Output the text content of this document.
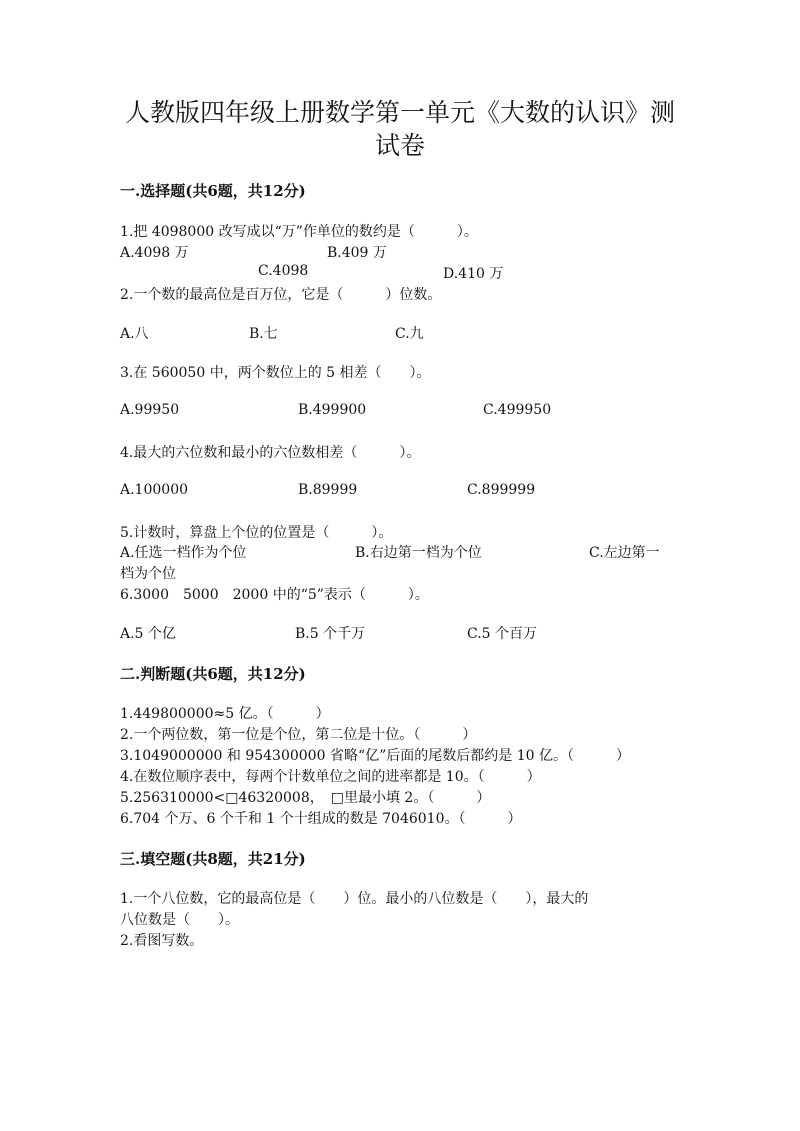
人教版四年级上册数学第一单元《大数的认识》测
试卷
一.选择题(共6题，共12分)
1.把 4098000 改写成以“万”作单位的数约是（　　　）。
A.4098 万	B.409 万
C.4098	D.410 万
2.一个数的最高位是百万位，它是（　　　）位数。
A.八	B.七	C.九
3.在 560050 中，两个数位上的 5 相差（　　）。
A.99950	B.499900	C.499950
4.最大的六位数和最小的六位数相差（　　　）。
A.100000	B.89999	C.899999
5.计数时，算盘上个位的位置是（　　　）。
A.任选一档作为个位	B.右边第一档为个位	C.左边第一
档为个位
6.3000　5000　2000 中的“5”表示（　　　）。
A.5 个亿	B.5 个千万	C.5 个百万
二.判断题(共6题，共12分)
1.449800000≈5 亿。（　　　）
2.一个两位数，第一位是个位，第二位是十位。（　　　）
3.1049000000 和 954300000 省略“亿”后面的尾数后都约是 10 亿。（　　　）
4.在数位顺序表中，每两个计数单位之间的进率都是 10。（　　　）
5.256310000<□46320008，　□里最小填 2。（　　　）
6.704 个万、6 个千和 1 个十组成的数是 7046010。（　　　）
三.填空题(共8题，共21分)
1.一个八位数，它的最高位是（　　）位。最小的八位数是（　　），最大的
八位数是（　　）。
2.看图写数。
